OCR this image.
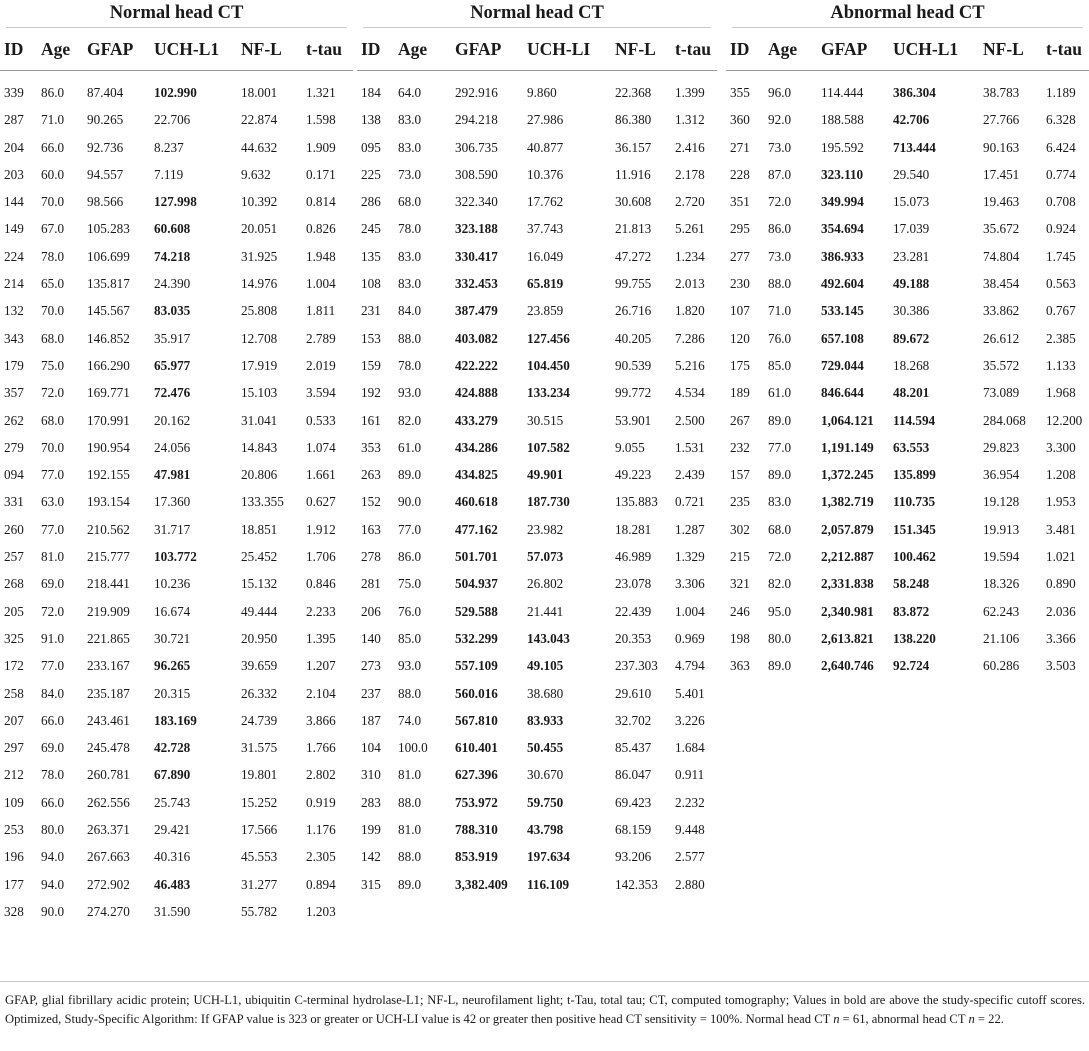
Normal head CT
ID Age GFAP UCH-L1 NF-L t-tau
339 86.0 87.404 102.990	18.001 1.321
287 71.0 90.265 22.706	22.874 1.598
204 66.0 92.736 8.237	44.632 1.909
203 60.0 94.557 7.119	9.632	0.171
144 70.0 98.566 127.998	10.392 0.814
149 67.0 105.283 60.608	20.051 0.826
224 78.0 106.699 74.218	31.925 1.948
214 65.0 135.817 24.390	14.976 1.004
132 70.0 145.567 83.035	25.808 1.811
343 68.0 146.852 35.917	12.708 2.789
179 75.0 166.290 65.977	17.919 2.019
357 72.0 169.771 72.476	15.103 3.594
262 68.0 170.991 20.162	31.041 0.533
279 70.0 190.954 24.056	14.843 1.074
094 77.0 192.155 47.981	20.806 1.661
331 63.0 193.154 17.360	133.355 0.627
260 77.0 210.562 31.717	18.851 1.912
257 81.0 215.777 103.772	25.452 1.706
268 69.0 218.441 10.236	15.132 0.846
205 72.0 219.909 16.674	49.444 2.233
325 91.0 221.865 30.721	20.950 1.395
172 77.0 233.167 96.265	39.659 1.207
258 84.0 235.187 20.315	26.332 2.104
207 66.0 243.461 183.169	24.739 3.866
297 69.0 245.478 42.728	31.575 1.766
212 78.0 260.781 67.890	19.801 2.802
109 66.0 262.556 25.743	15.252 0.919
253 80.0 263.371 29.421	17.566 1.176
196 94.0 267.663 40.316	45.553 2.305
177 94.0 272.902 46.483	31.277 0.894
328 90.0 274.270 31.590	55.782 1.203
Normal head CT
ID Age GFAP UCH-LI NF-L t-tau
184 64.0	292.916 9.860	22.368 1.399
138 83.0	294.218 27.986	86.380 1.312
095 83.0	306.735 40.877	36.157 2.416
225 73.0	308.590 10.376	11.916 2.178
286 68.0	322.340 17.762	30.608 2.720
245 78.0	323.188 37.743	21.813 5.261
135 83.0	330.417 16.049	47.272 1.234
108 83.0	332.453 65.819	99.755 2.013
231 84.0	387.479 23.859	26.716 1.820
153 88.0	403.082 127.456	40.205 7.286
159 78.0	422.222 104.450	90.539 5.216
192 93.0	424.888 133.234	99.772 4.534
161 82.0	433.279 30.515	53.901 2.500
353 61.0	434.286 107.582	9.055 1.531
263 89.0	434.825 49.901	49.223 2.439
152 90.0	460.618 187.730	135.883 0.721
163 77.0	477.162 23.982	18.281 1.287
278 86.0	501.701 57.073	46.989 1.329
281 75.0	504.937 26.802	23.078 3.306
206 76.0	529.588 21.441	22.439 1.004
140 85.0	532.299 143.043	20.353 0.969
273 93.0	557.109 49.105	237.303 4.794
237 88.0	560.016 38.680	29.610 5.401
187 74.0	567.810 83.933	32.702 3.226
104 100.0 610.401 50.455	85.437 1.684
310 81.0	627.396 30.670	86.047 0.911
283 88.0	753.972 59.750	69.423 2.232
199 81.0	788.310 43.798	68.159 9.448
142 88.0	853.919 197.634	93.206 2.577
315 89.0	3,382.409 116.109	142.353 2.880
Abnormal head CT
ID Age GFAP UCH-L1 NF-L t-tau
355 96.0 114.444 386.304	38.783 1.189
360 92.0 188.588 42.706	27.766 6.328
271 73.0 195.592 713.444	90.163 6.424
228 87.0 323.110 29.540	17.451 0.774
351 72.0 349.994 15.073	19.463 0.708
295 86.0 354.694 17.039	35.672 0.924
277 73.0 386.933 23.281	74.804 1.745
230 88.0 492.604 49.188	38.454 0.563
107 71.0 533.145 30.386	33.862 0.767
120 76.0 657.108 89.672	26.612 2.385
175 85.0 729.044 18.268	35.572 1.133
189 61.0 846.644 48.201	73.089 1.968
267 89.0 1,064.121 114.594	284.068 12.200
232 77.0 1,191.149 63.553	29.823 3.300
157 89.0 1,372.245 135.899	36.954 1.208
235 83.0 1,382.719 110.735	19.128 1.953
302 68.0 2,057.879 151.345	19.913 3.481
215 72.0 2,212.887 100.462	19.594 1.021
321 82.0 2,331.838 58.248	18.326 0.890
246 95.0 2,340.981 83.872	62.243 2.036
198 80.0 2,613.821 138.220	21.106 3.366
363 89.0 2,640.746 92.724	60.286 3.503
GFAP, glial fibrillary acidic protein; UCH-L1, ubiquitin C-terminal hydrolase-L1; NF-L, neurofilament light; t-Tau, total tau; CT, computed tomography; Values in bold are above the study-specific cutoff scores. Optimized, Study-Specific Algorithm: If GFAP value is 323 or greater or UCH-LI value is 42 or greater then positive head CT sensitivity = 100%. Normal head CT n = 61, abnormal head CT n = 22.
